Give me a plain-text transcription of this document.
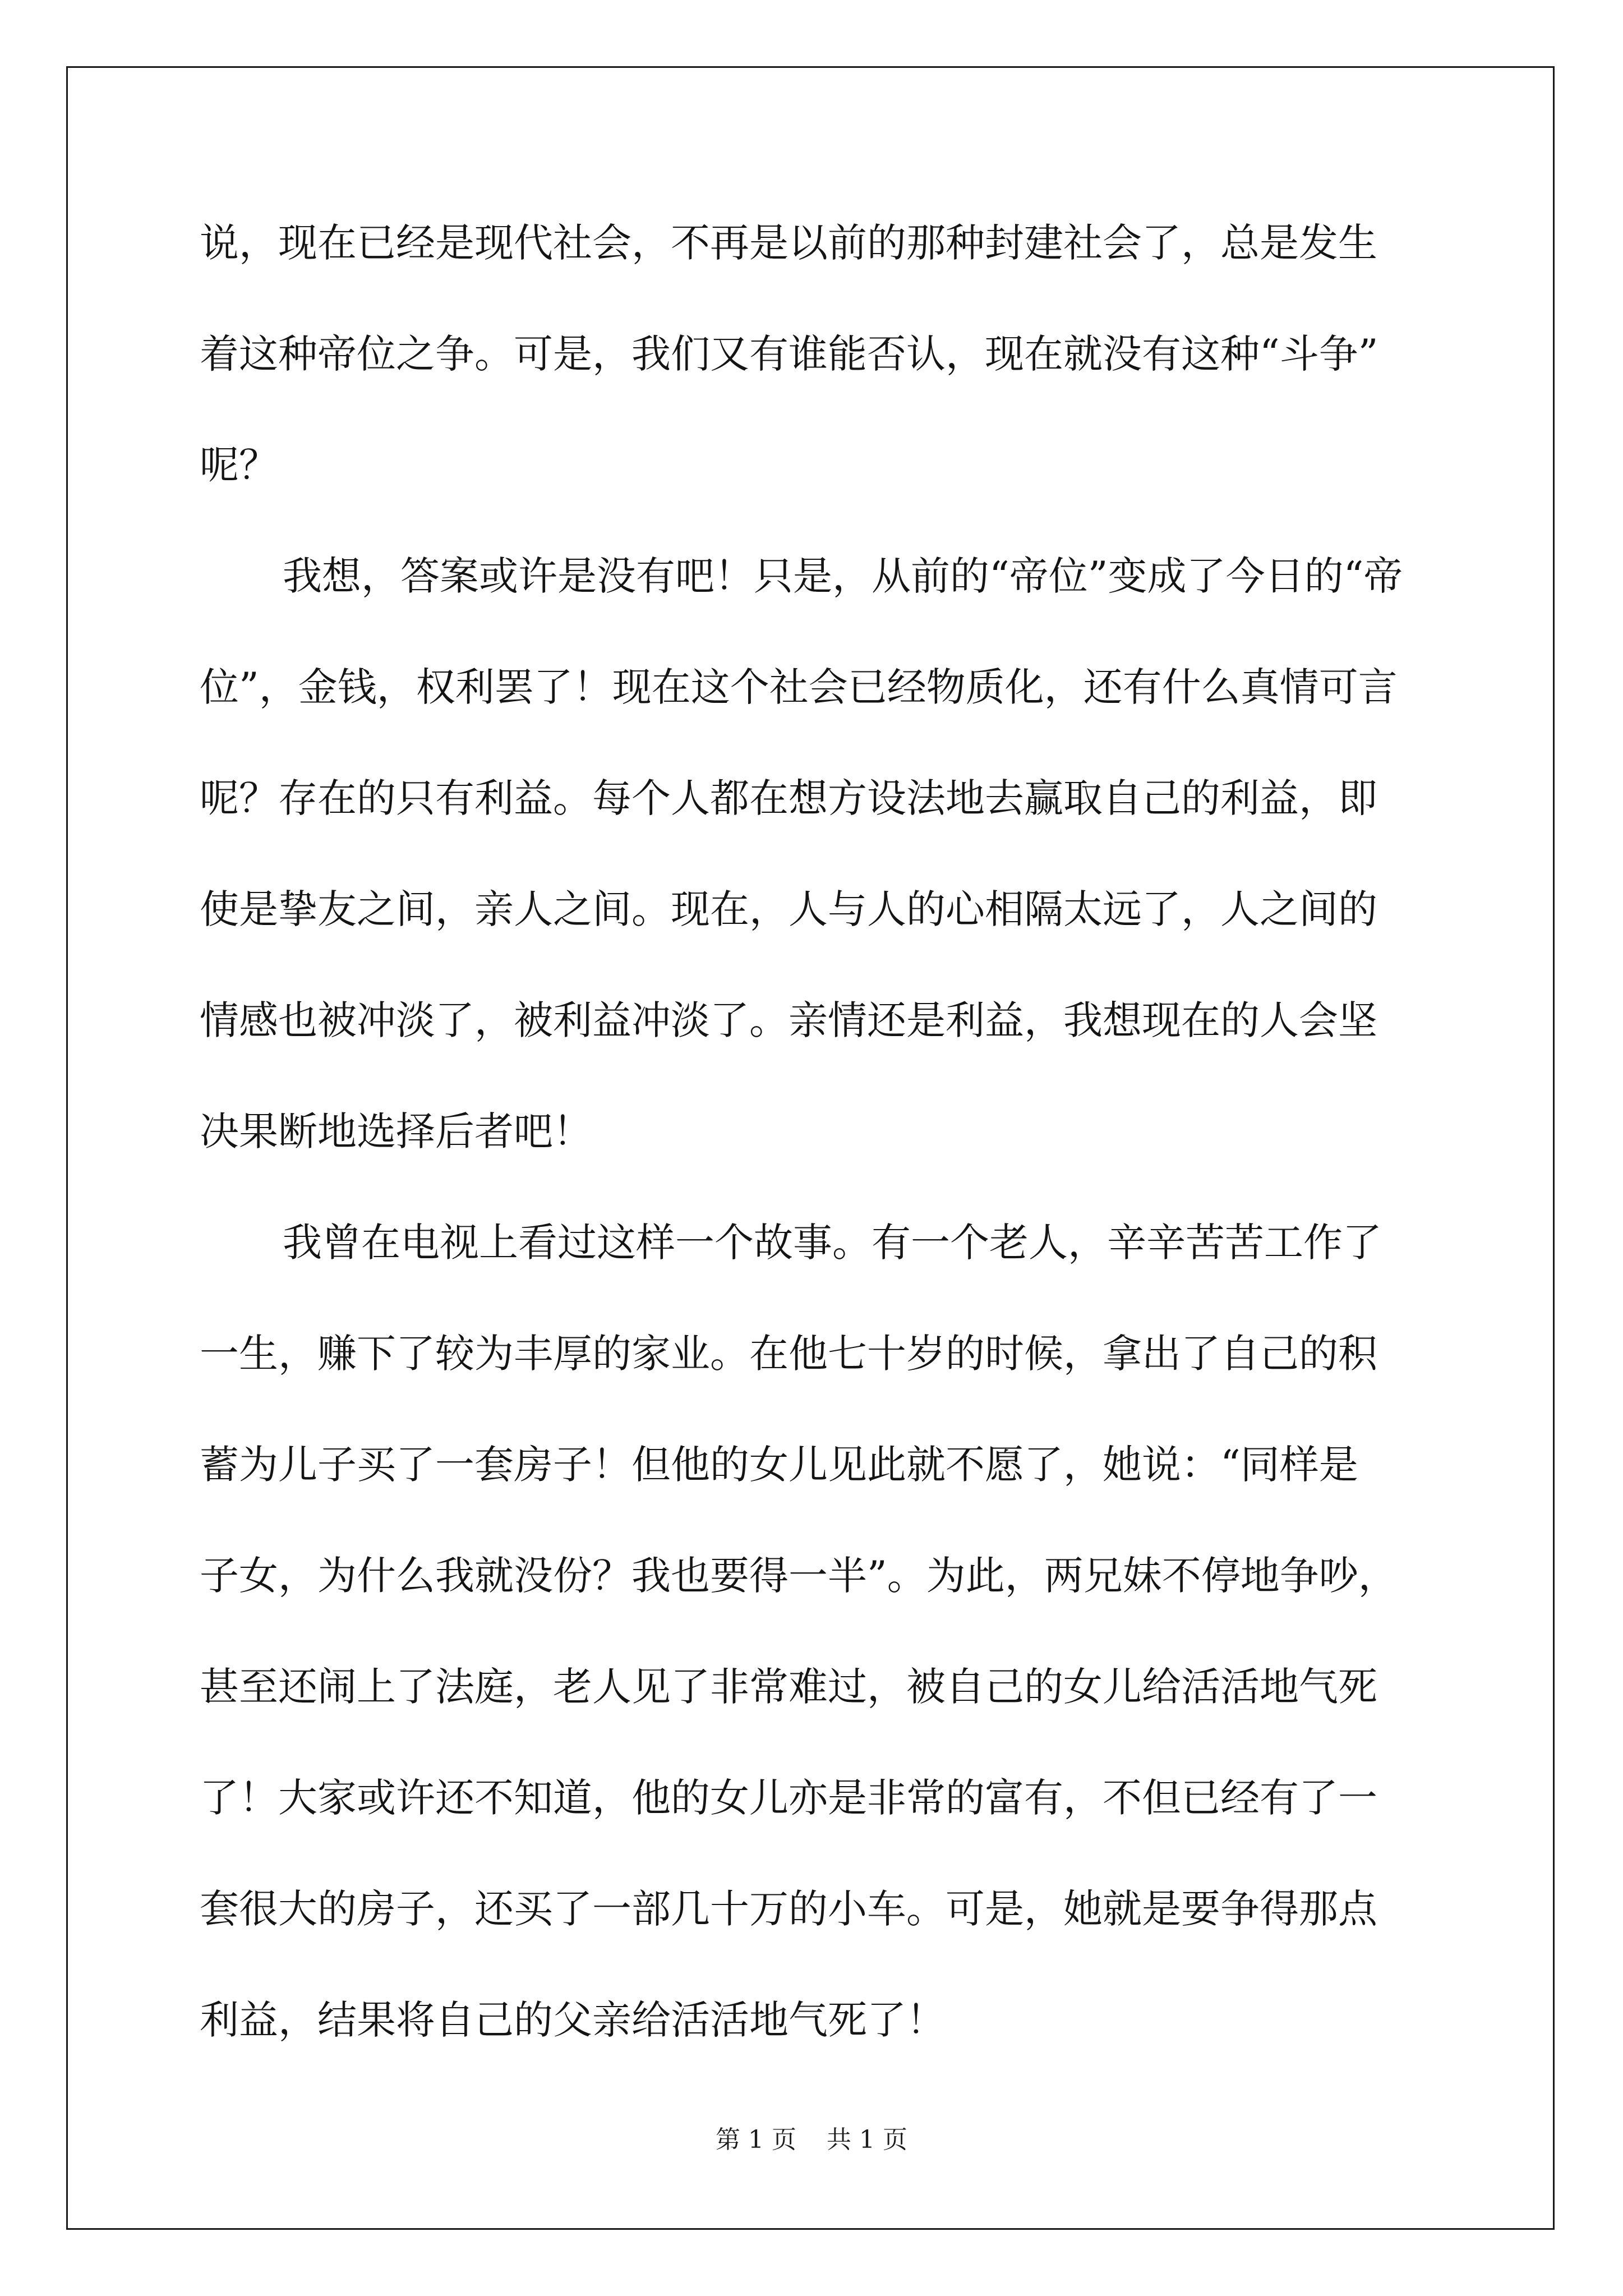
说，现在已经是现代社会，不再是以前的那种封建社会了，总是发生
着这种帝位之争。可是，我们又有谁能否认，现在就没有这种“斗争”
呢？
我想，答案或许是没有吧！只是，从前的“帝位”变成了今日的“帝
位”，金钱，权利罢了！现在这个社会已经物质化，还有什么真情可言
呢？存在的只有利益。每个人都在想方设法地去赢取自己的利益，即
使是挚友之间，亲人之间。现在，人与人的心相隔太远了，人之间的
情感也被冲淡了，被利益冲淡了。亲情还是利益，我想现在的人会坚
决果断地选择后者吧！
我曾在电视上看过这样一个故事。有一个老人，辛辛苦苦工作了
一生，赚下了较为丰厚的家业。在他七十岁的时候，拿出了自己的积
蓄为儿子买了一套房子！但他的女儿见此就不愿了，她说：“同样是
子女，为什么我就没份？我也要得一半”。为此，两兄妹不停地争吵，
甚至还闹上了法庭，老人见了非常难过，被自己的女儿给活活地气死
了！大家或许还不知道，他的女儿亦是非常的富有，不但已经有了一
套很大的房子，还买了一部几十万的小车。可是，她就是要争得那点
利益，结果将自己的父亲给活活地气死了！
第 1 页 共 1 页
